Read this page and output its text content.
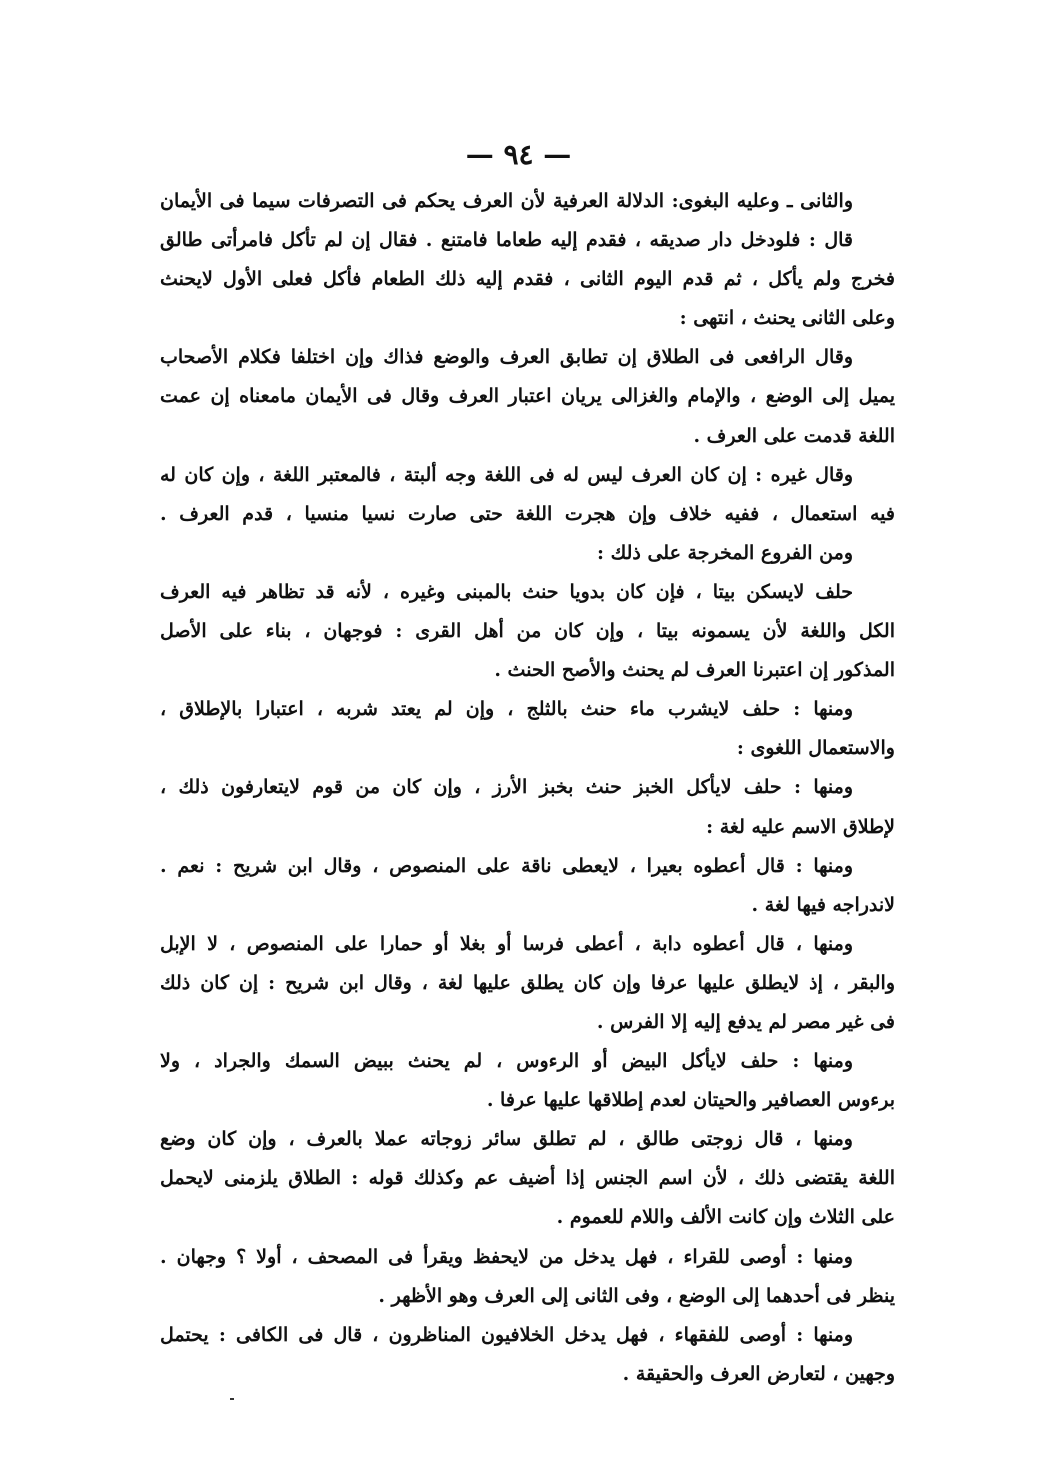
— ٩٤ —
والثانى ـ وعليه البغوى: الدلالة العرفية لأن العرف يحكم فى التصرفات سيما فى الأيمان
قال : فلودخل دار صديقه ، فقدم إليه طعاما فامتنع . فقال إن لم تأكل فامرأتى طالق
فخرج ولم يأكل ، ثم قدم اليوم الثانى ، فقدم إليه ذلك الطعام فأكل فعلى الأول لايحنث
وعلى الثانى يحنث ، انتهى :
وقال الرافعى فى الطلاق إن تطابق العرف والوضع فذاك وإن اختلفا فكلام الأصحاب
يميل إلى الوضع ، والإمام والغزالى يريان اعتبار العرف وقال فى الأيمان مامعناه إن عمت
اللغة قدمت على العرف .
وقال غيره : إن كان العرف ليس له فى اللغة وجه ألبتة ، فالمعتبر اللغة ، وإن كان له
فيه استعمال ، ففيه خلاف وإن هجرت اللغة حتى صارت نسيا منسيا ، قدم العرف .
ومن الفروع المخرجة على ذلك :
حلف لايسكن بيتا ، فإن كان بدويا حنث بالمبنى وغيره ، لأنه قد تظاهر فيه العرف
الكل واللغة لأن يسمونه بيتا ، وإن كان من أهل القرى : فوجهان ، بناء على الأصل
المذكور إن اعتبرنا العرف لم يحنث والأصح الحنث .
ومنها : حلف لايشرب ماء حنث بالثلج ، وإن لم يعتد شربه ، اعتبارا بالإطلاق ،
والاستعمال اللغوى :
ومنها : حلف لايأكل الخبز حنث بخبز الأرز ، وإن كان من قوم لايتعارفون ذلك ،
لإطلاق الاسم عليه لغة :
ومنها : قال أعطوه بعيرا ، لايعطى ناقة على المنصوص ، وقال ابن شريح : نعم .
لاندراجه فيها لغة .
ومنها ، قال أعطوه دابة ، أعطى فرسا أو بغلا أو حمارا على المنصوص ، لا الإبل
والبقر ، إذ لايطلق عليها عرفا وإن كان يطلق عليها لغة ، وقال ابن شريح : إن كان ذلك
فى غير مصر لم يدفع إليه إلا الفرس .
ومنها : حلف لايأكل البيض أو الرءوس ، لم يحنث ببيض السمك والجراد ، ولا
برءوس العصافير والحيتان لعدم إطلاقها عليها عرفا .
ومنها ، قال زوجتى طالق ، لم تطلق سائر زوجاته عملا بالعرف ، وإن كان وضع
اللغة يقتضى ذلك ، لأن اسم الجنس إذا أضيف عم وكذلك قوله : الطلاق يلزمنى لايحمل
على الثلاث وإن كانت الألف واللام للعموم .
ومنها : أوصى للقراء ، فهل يدخل من لايحفظ ويقرأ فى المصحف ، أولا ؟ وجهان .
ينظر فى أحدهما إلى الوضع ، وفى الثانى إلى العرف وهو الأظهر .
ومنها : أوصى للفقهاء ، فهل يدخل الخلافيون المناظرون ، قال فى الكافى : يحتمل
وجهين ، لتعارض العرف والحقيقة .
